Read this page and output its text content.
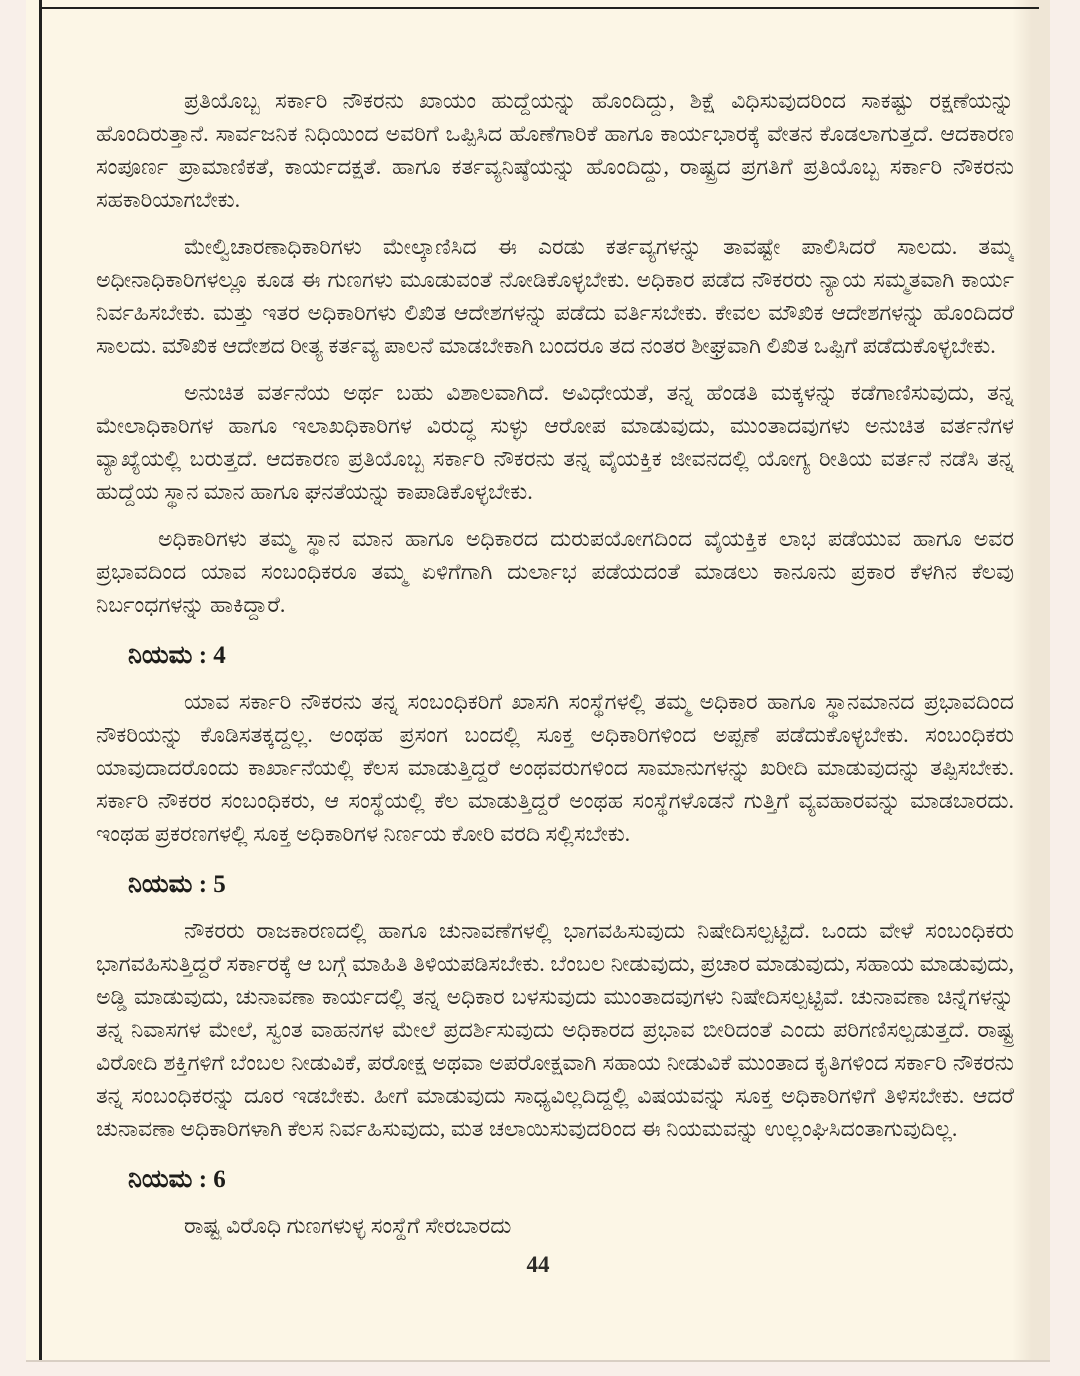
ಪ್ರತಿಯೊಬ್ಬ ಸರ್ಕಾರಿ ನೌಕರನು ಖಾಯಂ ಹುದ್ದೆಯನ್ನು ಹೊಂದಿದ್ದು, ಶಿಕ್ಷೆ ವಿಧಿಸುವುದರಿಂದ ಸಾಕಷ್ಟು ರಕ್ಷಣೆಯನ್ನು ಹೊಂದಿರುತ್ತಾನೆ. ಸಾರ್ವಜನಿಕ ನಿಧಿಯಿಂದ ಅವರಿಗೆ ಒಪ್ಪಿಸಿದ ಹೊಣೆಗಾರಿಕೆ ಹಾಗೂ ಕಾರ್ಯಭಾರಕ್ಕೆ ವೇತನ ಕೊಡಲಾಗುತ್ತದೆ. ಆದಕಾರಣ ಸಂಪೂರ್ಣ ಪ್ರಾಮಾಣಿಕತೆ, ಕಾರ್ಯದಕ್ಷತೆ. ಹಾಗೂ ಕರ್ತವ್ಯನಿಷ್ಠೆಯನ್ನು ಹೊಂದಿದ್ದು, ರಾಷ್ಟ್ರದ ಪ್ರಗತಿಗೆ ಪ್ರತಿಯೊಬ್ಬ ಸರ್ಕಾರಿ ನೌಕರನು ಸಹಕಾರಿಯಾಗಬೇಕು.

ಮೇಲ್ವಿಚಾರಣಾಧಿಕಾರಿಗಳು ಮೇಲ್ಕಾಣಿಸಿದ ಈ ಎರಡು ಕರ್ತವ್ಯಗಳನ್ನು ತಾವಷ್ಟೇ ಪಾಲಿಸಿದರೆ ಸಾಲದು. ತಮ್ಮ ಅಧೀನಾಧಿಕಾರಿಗಳಲ್ಲೂ ಕೂಡ ಈ ಗುಣಗಳು ಮೂಡುವಂತೆ ನೋಡಿಕೊಳ್ಳಬೇಕು. ಅಧಿಕಾರ ಪಡೆದ ನೌಕರರು ನ್ಯಾಯ ಸಮ್ಮತವಾಗಿ ಕಾರ್ಯ ನಿರ್ವಹಿಸಬೇಕು. ಮತ್ತು ಇತರ ಅಧಿಕಾರಿಗಳು ಲಿಖಿತ ಆದೇಶಗಳನ್ನು ಪಡೆದು ವರ್ತಿಸಬೇಕು. ಕೇವಲ ಮೌಖಿಕ ಆದೇಶಗಳನ್ನು ಹೊಂದಿದರೆ ಸಾಲದು. ಮೌಖಿಕ ಆದೇಶದ ರೀತ್ಯ ಕರ್ತವ್ಯ ಪಾಲನೆ ಮಾಡಬೇಕಾಗಿ ಬಂದರೂ ತದ ನಂತರ ಶೀಘ್ರವಾಗಿ ಲಿಖಿತ ಒಪ್ಪಿಗೆ ಪಡೆದುಕೊಳ್ಳಬೇಕು.

ಅನುಚಿತ ವರ್ತನೆಯ ಅರ್ಥ ಬಹು ವಿಶಾಲವಾಗಿದೆ. ಅವಿಧೇಯತೆ, ತನ್ನ ಹೆಂಡತಿ ಮಕ್ಕಳನ್ನು ಕಡೆಗಾಣಿಸುವುದು, ತನ್ನ ಮೇಲಾಧಿಕಾರಿಗಳ ಹಾಗೂ ಇಲಾಖಧಿಕಾರಿಗಳ ವಿರುದ್ಧ ಸುಳ್ಳು ಆರೋಪ ಮಾಡುವುದು, ಮುಂತಾದವುಗಳು ಅನುಚಿತ ವರ್ತನೆಗಳ ವ್ಯಾಖ್ಯೆಯಲ್ಲಿ ಬರುತ್ತದೆ. ಆದಕಾರಣ ಪ್ರತಿಯೊಬ್ಬ ಸರ್ಕಾರಿ ನೌಕರನು ತನ್ನ ವೈಯಕ್ತಿಕ ಜೀವನದಲ್ಲಿ ಯೋಗ್ಯ ರೀತಿಯ ವರ್ತನೆ ನಡೆಸಿ ತನ್ನ ಹುದ್ದೆಯ ಸ್ಥಾನ ಮಾನ ಹಾಗೂ ಘನತೆಯನ್ನು ಕಾಪಾಡಿಕೊಳ್ಳಬೇಕು.

ಅಧಿಕಾರಿಗಳು ತಮ್ಮ ಸ್ಥಾನ ಮಾನ ಹಾಗೂ ಅಧಿಕಾರದ ದುರುಪಯೋಗದಿಂದ ವೈಯಕ್ತಿಕ ಲಾಭ ಪಡೆಯುವ ಹಾಗೂ ಅವರ ಪ್ರಭಾವದಿಂದ ಯಾವ ಸಂಬಂಧಿಕರೂ ತಮ್ಮ ಏಳಿಗೆಗಾಗಿ ದುರ್ಲಾಭ ಪಡೆಯದಂತೆ ಮಾಡಲು ಕಾನೂನು ಪ್ರಕಾರ ಕೆಳಗಿನ ಕೆಲವು ನಿರ್ಬಂಧಗಳನ್ನು ಹಾಕಿದ್ದಾರೆ.

ನಿಯಮ : 4

ಯಾವ ಸರ್ಕಾರಿ ನೌಕರನು ತನ್ನ ಸಂಬಂಧಿಕರಿಗೆ ಖಾಸಗಿ ಸಂಸ್ಥೆಗಳಲ್ಲಿ ತಮ್ಮ ಅಧಿಕಾರ ಹಾಗೂ ಸ್ಥಾನಮಾನದ ಪ್ರಭಾವದಿಂದ ನೌಕರಿಯನ್ನು ಕೊಡಿಸತಕ್ಕದ್ದಲ್ಲ. ಅಂಥಹ ಪ್ರಸಂಗ ಬಂದಲ್ಲಿ ಸೂಕ್ತ ಅಧಿಕಾರಿಗಳಿಂದ ಅಪ್ಪಣೆ ಪಡೆದುಕೊಳ್ಳಬೇಕು. ಸಂಬಂಧಿಕರು ಯಾವುದಾದರೊಂದು ಕಾರ್ಖಾನೆಯಲ್ಲಿ ಕೆಲಸ ಮಾಡುತ್ತಿದ್ದರೆ ಅಂಥವರುಗಳಿಂದ ಸಾಮಾನುಗಳನ್ನು ಖರೀದಿ ಮಾಡುವುದನ್ನು ತಪ್ಪಿಸಬೇಕು. ಸರ್ಕಾರಿ ನೌಕರರ ಸಂಬಂಧಿಕರು, ಆ ಸಂಸ್ಥೆಯಲ್ಲಿ ಕೆಲ ಮಾಡುತ್ತಿದ್ದರೆ ಅಂಥಹ ಸಂಸ್ಥೆಗಳೊಡನೆ ಗುತ್ತಿಗೆ ವ್ಯವಹಾರವನ್ನು ಮಾಡಬಾರದು. ಇಂಥಹ ಪ್ರಕರಣಗಳಲ್ಲಿ ಸೂಕ್ತ ಅಧಿಕಾರಿಗಳ ನಿರ್ಣಯ ಕೋರಿ ವರದಿ ಸಲ್ಲಿಸಬೇಕು.

ನಿಯಮ : 5

ನೌಕರರು ರಾಜಕಾರಣದಲ್ಲಿ ಹಾಗೂ ಚುನಾವಣೆಗಳಲ್ಲಿ ಭಾಗವಹಿಸುವುದು ನಿಷೇದಿಸಲ್ಪಟ್ಟಿದೆ. ಒಂದು ವೇಳೆ ಸಂಬಂಧಿಕರು ಭಾಗವಹಿಸುತ್ತಿದ್ದರೆ ಸರ್ಕಾರಕ್ಕೆ ಆ ಬಗ್ಗೆ ಮಾಹಿತಿ ತಿಳಿಯಪಡಿಸಬೇಕು. ಬೆಂಬಲ ನೀಡುವುದು, ಪ್ರಚಾರ ಮಾಡುವುದು, ಸಹಾಯ ಮಾಡುವುದು, ಅಡ್ಡಿ ಮಾಡುವುದು, ಚುನಾವಣಾ ಕಾರ್ಯದಲ್ಲಿ ತನ್ನ ಅಧಿಕಾರ ಬಳಸುವುದು ಮುಂತಾದವುಗಳು ನಿಷೇದಿಸಲ್ಪಟ್ಟಿವೆ. ಚುನಾವಣಾ ಚಿನ್ನೆಗಳನ್ನು ತನ್ನ ನಿವಾಸಗಳ ಮೇಲೆ, ಸ್ವಂತ ವಾಹನಗಳ ಮೇಲೆ ಪ್ರದರ್ಶಿಸುವುದು ಅಧಿಕಾರದ ಪ್ರಭಾವ ಬೀರಿದಂತೆ ಎಂದು ಪರಿಗಣಿಸಲ್ಪಡುತ್ತದೆ. ರಾಷ್ಟ್ರ ವಿರೋದಿ ಶಕ್ತಿಗಳಿಗೆ ಬೆಂಬಲ ನೀಡುವಿಕೆ, ಪರೋಕ್ಷ ಅಥವಾ ಅಪರೋಕ್ಷವಾಗಿ ಸಹಾಯ ನೀಡುವಿಕೆ ಮುಂತಾದ ಕೃತಿಗಳಿಂದ ಸರ್ಕಾರಿ ನೌಕರನು ತನ್ನ ಸಂಬಂಧಿಕರನ್ನು ದೂರ ಇಡಬೇಕು. ಹೀಗೆ ಮಾಡುವುದು ಸಾಧ್ಯವಿಲ್ಲದಿದ್ದಲ್ಲಿ ವಿಷಯವನ್ನು ಸೂಕ್ತ ಅಧಿಕಾರಿಗಳಿಗೆ ತಿಳಿಸಬೇಕು. ಆದರೆ ಚುನಾವಣಾ ಅಧಿಕಾರಿಗಳಾಗಿ ಕೆಲಸ ನಿರ್ವಹಿಸುವುದು, ಮತ ಚಲಾಯಿಸುವುದರಿಂದ ಈ ನಿಯಮವನ್ನು ಉಲ್ಲಂಘಿಸಿದಂತಾಗುವುದಿಲ್ಲ.

ನಿಯಮ : 6

ರಾಷ್ಟ್ರ ವಿರೊಧಿ ಗುಣಗಳುಳ್ಳ ಸಂಸ್ಥೆಗೆ ಸೇರಬಾರದು

44
